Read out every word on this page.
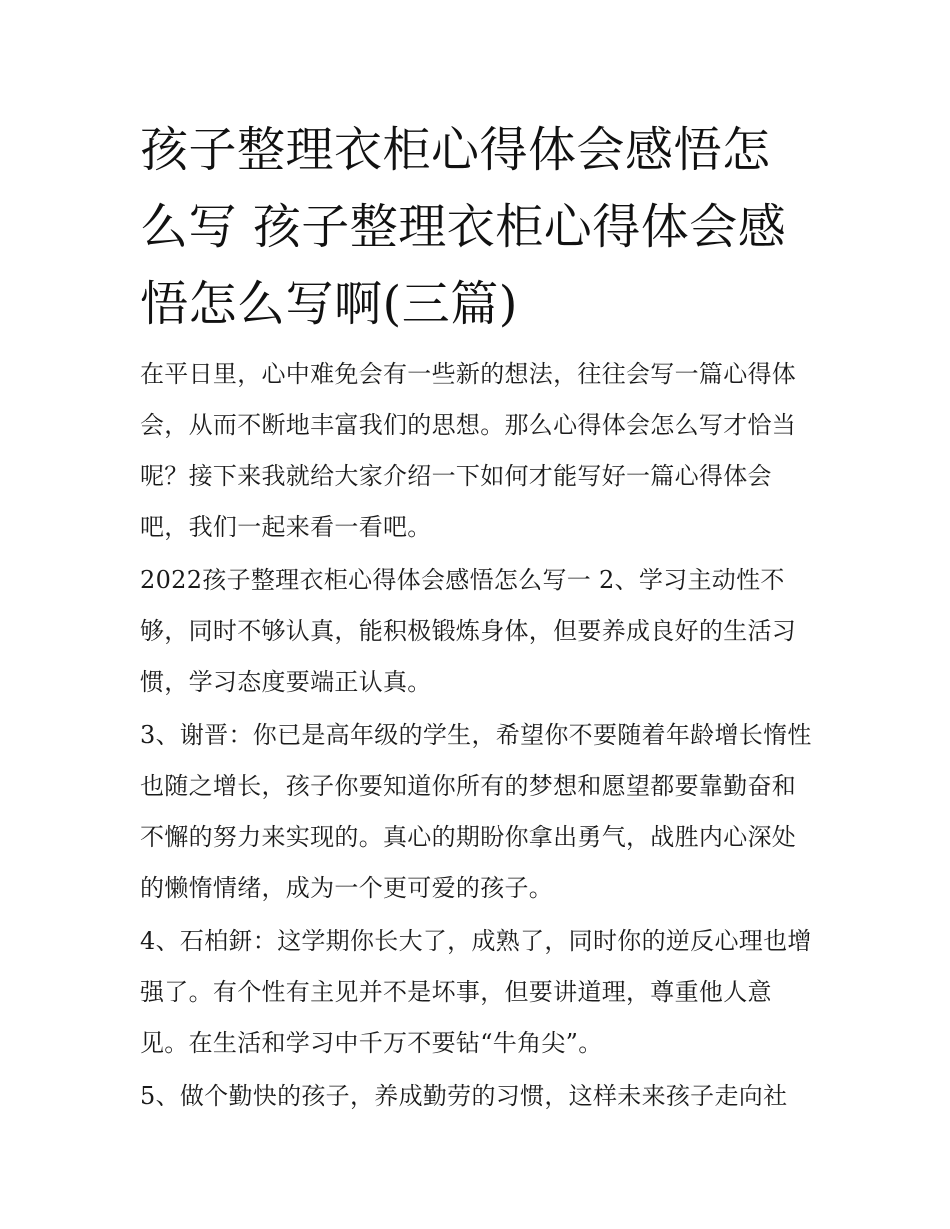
孩子整理衣柜心得体会感悟怎么写 孩子整理衣柜心得体会感悟怎么写啊(三篇)

在平日里，心中难免会有一些新的想法，往往会写一篇心得体会，从而不断地丰富我们的思想。那么心得体会怎么写才恰当呢？接下来我就给大家介绍一下如何才能写好一篇心得体会吧，我们一起来看一看吧。

2022孩子整理衣柜心得体会感悟怎么写一 2、学习主动性不够，同时不够认真，能积极锻炼身体，但要养成良好的生活习惯，学习态度要端正认真。

3、谢晋：你已是高年级的学生，希望你不要随着年龄增长惰性也随之增长，孩子你要知道你所有的梦想和愿望都要靠勤奋和不懈的努力来实现的。真心的期盼你拿出勇气，战胜内心深处的懒惰情绪，成为一个更可爱的孩子。

4、石柏鈃：这学期你长大了，成熟了，同时你的逆反心理也增强了。有个性有主见并不是坏事，但要讲道理，尊重他人意见。在生活和学习中千万不要钻“牛角尖”。

5、做个勤快的孩子，养成勤劳的习惯，这样未来孩子走向社
